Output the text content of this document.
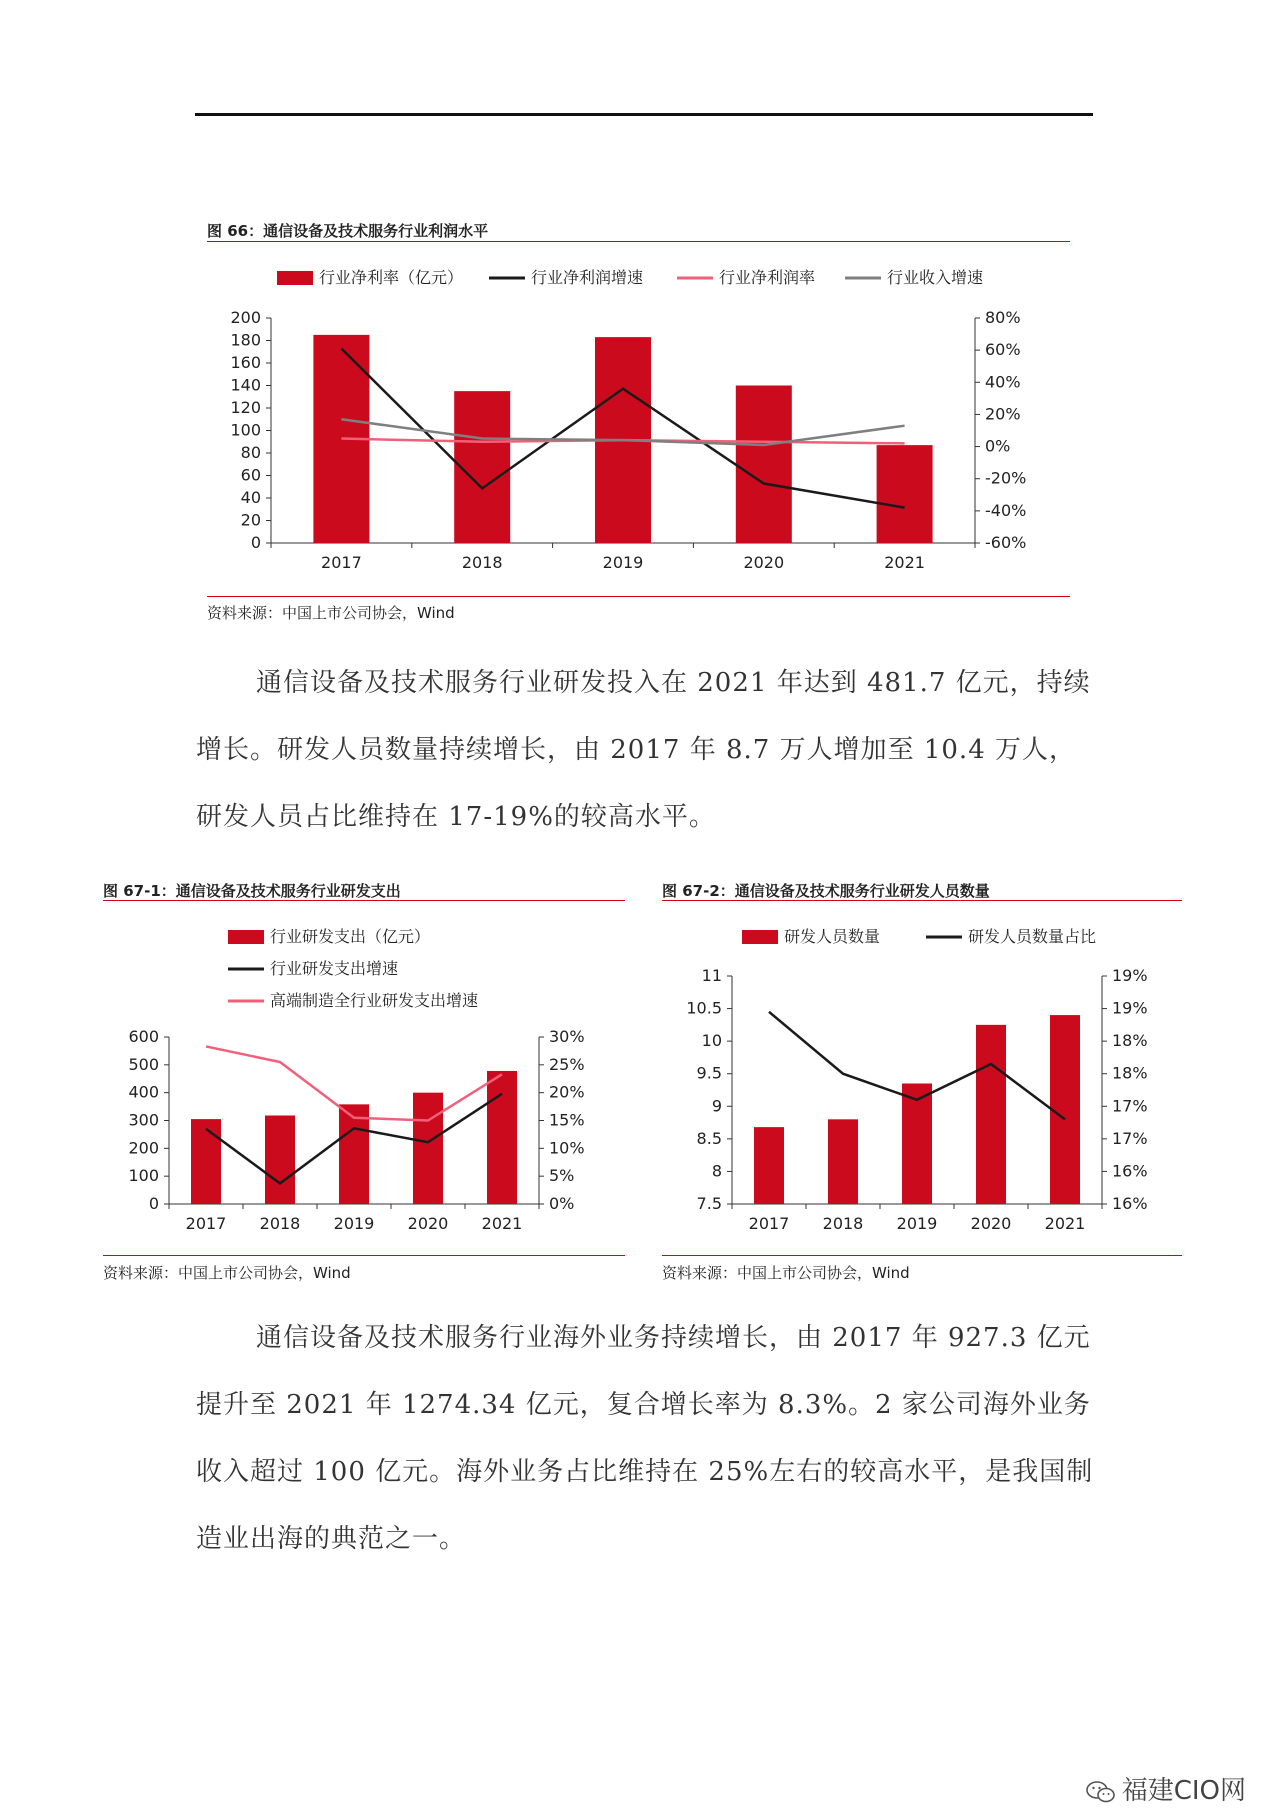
图 66：通信设备及技术服务行业利润水平
0
20
40
60
80
100
120
140
160
180
200
-60%
-40%
-20%
0%
20%
40%
60%
80%
2017	2018	2019	2020	2021
行业净利率（亿元）	行业净利润增速	行业净利润率	行业收入增速
资料来源：中国上市公司协会，Wind

通信设备及技术服务行业研发投入在 2021 年达到 481.7 亿元，持续增长。研发人员数量持续增长，由 2017 年 8.7 万人增加至 10.4 万人，研发人员占比维持在 17-19%的较高水平。

图 67-1：通信设备及技术服务行业研发支出
0
100
200
300
400
500
600
0%
5%
10%
15%
20%
25%
30%
2017 2018 2019 2020 2021
行业研发支出（亿元）
行业研发支出增速
高端制造全行业研发支出增速
资料来源：中国上市公司协会，Wind
图 67-2：通信设备及技术服务行业研发人员数量
7.5
8
8.5
9
9.5
10
10.5
11
16%
16%
17%
17%
18%
18%
19%
19%
2017 2018 2019 2020 2021
研发人员数量	研发人员数量占比
资料来源：中国上市公司协会，Wind

通信设备及技术服务行业海外业务持续增长，由 2017 年 927.3 亿元提升至 2021 年 1274.34 亿元，复合增长率为 8.3%。2 家公司海外业务收入超过 100 亿元。海外业务占比维持在 25%左右的较高水平，是我国制造业出海的典范之一。

福建CIO网
